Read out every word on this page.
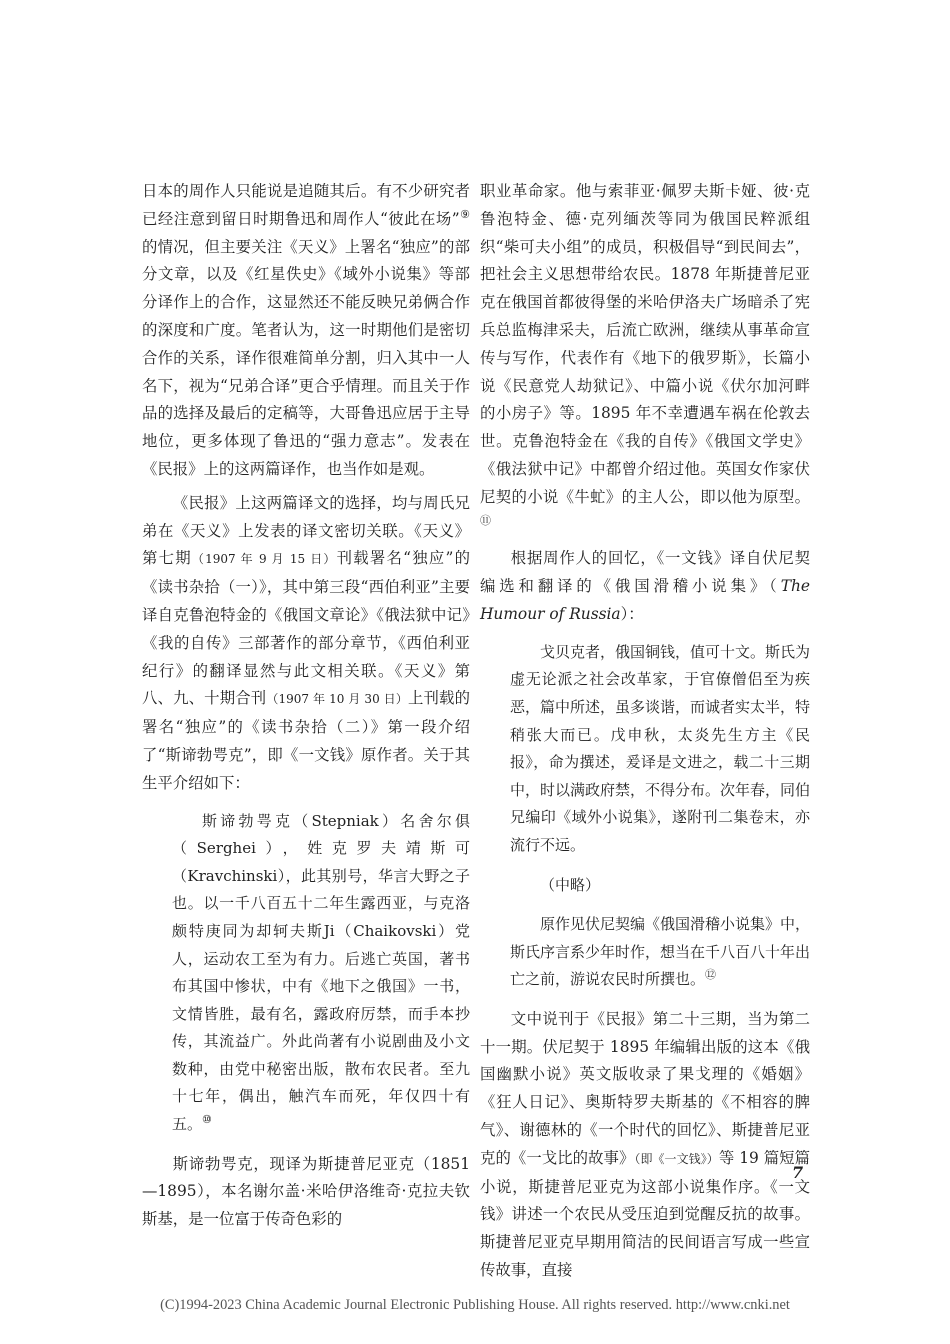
日本的周作人只能说是追随其后。有不少研究者已经注意到留日时期鲁迅和周作人“彼此在场”⑨的情况，但主要关注《天义》上署名“独应”的部分文章，以及《红星佚史》《域外小说集》等部分译作上的合作，这显然还不能反映兄弟俩合作的深度和广度。笔者认为，这一时期他们是密切合作的关系，译作很难简单分割，归入其中一人名下，视为“兄弟合译”更合乎情理。而且关于作品的选择及最后的定稿等，大哥鲁迅应居于主导地位，更多体现了鲁迅的“强力意志”。发表在《民报》上的这两篇译作，也当作如是观。

《民报》上这两篇译文的选择，均与周氏兄弟在《天义》上发表的译文密切关联。《天义》第七期（1907 年 9 月 15 日）刊载署名“独应”的《读书杂拾（一）》，其中第三段“西伯利亚”主要译自克鲁泡特金的《俄国文章论》《俄法狱中记》《我的自传》三部著作的部分章节，《西伯利亚纪行》的翻译显然与此文相关联。《天义》第八、九、十期合刊（1907 年 10 月 30 日）上刊载的署名“独应”的《读书杂拾（二）》第一段介绍了“斯谛勃咢克”，即《一文钱》原作者。关于其生平介绍如下：

斯谛勃咢克（Stepniak）名舍尔俱（Serghei），姓克罗夫靖斯可（Kravchinski），此其别号，华言大野之子也。以一千八百五十二年生露西亚，与克洛颇特庚同为却轲夫斯Ji（Chaikovski）党人，运动农工至为有力。后逃亡英国，著书布其国中惨状，中有《地下之俄国》一书，文情皆胜，最有名，露政府厉禁，而手本抄传，其流益广。外此尚著有小说剧曲及小文数种，由党中秘密出版，散布农民者。至九十七年，偶出，触汽车而死，年仅四十有五。⑩

斯谛勃咢克，现译为斯捷普尼亚克（1851—1895），本名谢尔盖·米哈伊洛维奇·克拉夫钦斯基，是一位富于传奇色彩的

职业革命家。他与索菲亚·佩罗夫斯卡娅、彼·克鲁泡特金、德·克列缅茨等同为俄国民粹派组织“柴可夫小组”的成员，积极倡导“到民间去”，把社会主义思想带给农民。1878 年斯捷普尼亚克在俄国首都彼得堡的米哈伊洛夫广场暗杀了宪兵总监梅津采夫，后流亡欧洲，继续从事革命宣传与写作，代表作有《地下的俄罗斯》，长篇小说《民意党人劫狱记》、中篇小说《伏尔加河畔的小房子》等。1895 年不幸遭遇车祸在伦敦去世。克鲁泡特金在《我的自传》《俄国文学史》《俄法狱中记》中都曾介绍过他。英国女作家伏尼契的小说《牛虻》的主人公，即以他为原型。⑪

根据周作人的回忆，《一文钱》译自伏尼契编选和翻译的《俄国滑稽小说集》（The Humour of Russia）：

戈贝克者，俄国铜钱，值可十文。斯氏为虚无论派之社会改革家，于官僚僧侣至为疾恶，篇中所述，虽多谈谐，而诚者实太半，特稍张大而已。戊申秋，太炎先生方主《民报》，命为撰述，爰译是文进之，载二十三期中，时以满政府禁，不得分布。次年春，同伯兄编印《域外小说集》，遂附刊二集卷末，亦流行不远。

（中略）

原作见伏尼契编《俄国滑稽小说集》中，斯氏序言系少年时作，想当在千八百八十年出亡之前，游说农民时所撰也。⑫

文中说刊于《民报》第二十三期，当为第二十一期。伏尼契于 1895 年编辑出版的这本《俄国幽默小说》英文版收录了果戈理的《婚姻》《狂人日记》、奥斯特罗夫斯基的《不相容的脾气》、谢德林的《一个时代的回忆》、斯捷普尼亚克的《一戈比的故事》（即《一文钱》）等 19 篇短篇小说，斯捷普尼亚克为这部小说集作序。《一文钱》讲述一个农民从受压迫到觉醒反抗的故事。斯捷普尼亚克早期用简洁的民间语言写成一些宣传故事，直接

7
(C)1994-2023 China Academic Journal Electronic Publishing House. All rights reserved. http://www.cnki.net
